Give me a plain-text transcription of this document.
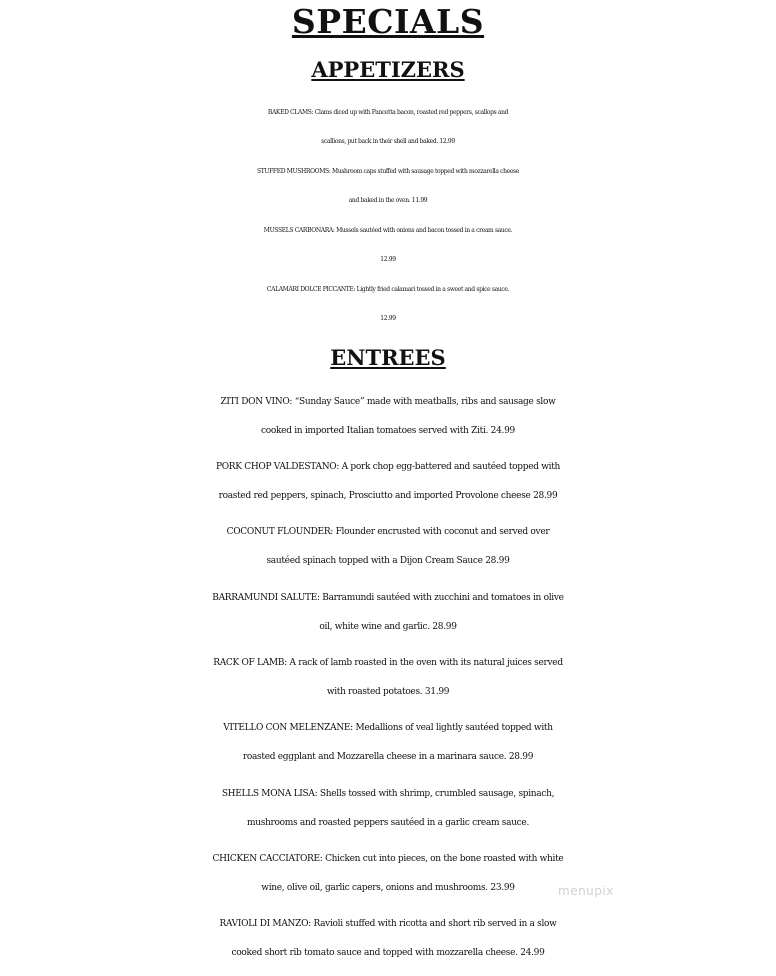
SPECIALS
APPETIZERS
BAKED CLAMS: Clams diced up with Pancetta bacon, roasted red peppers, scallops and
scallions, put back in their shell and baked. 12.99
STUFFED MUSHROOMS: Mushroom caps stuffed with sausage topped with mozzarella cheese
and baked in the oven. 11.99
MUSSELS CARBONARA: Mussels sautéed with onions and bacon tossed in a cream sauce.
12.99
CALAMARI DOLCE PICCANTE: Lightly fried calamari tossed in a sweet and spice sauce.
12.99
ENTREES
ZITI DON VINO: “Sunday Sauce” made with meatballs, ribs and sausage slow
cooked in imported Italian tomatoes served with Ziti. 24.99
PORK CHOP VALDESTANO: A pork chop egg-battered and sautéed topped with
roasted red peppers, spinach, Prosciutto and imported Provolone cheese 28.99
COCONUT FLOUNDER: Flounder encrusted with coconut and served over
sautéed spinach topped with a Dijon Cream Sauce 28.99
BARRAMUNDI SALUTE: Barramundi sautéed with zucchini and tomatoes in olive
oil, white wine and garlic. 28.99
RACK OF LAMB: A rack of lamb roasted in the oven with its natural juices served
with roasted potatoes. 31.99
VITELLO CON MELENZANE: Medallions of veal lightly sautéed topped with
roasted eggplant and Mozzarella cheese in a marinara sauce. 28.99
SHELLS MONA LISA: Shells tossed with shrimp, crumbled sausage, spinach,
mushrooms and roasted peppers sautéed in a garlic cream sauce.
CHICKEN CACCIATORE: Chicken cut into pieces, on the bone roasted with white
wine, olive oil, garlic capers, onions and mushrooms. 23.99
RAVIOLI DI MANZO: Ravioli stuffed with ricotta and short rib served in a slow
cooked short rib tomato sauce and topped with mozzarella cheese. 24.99
menupix
